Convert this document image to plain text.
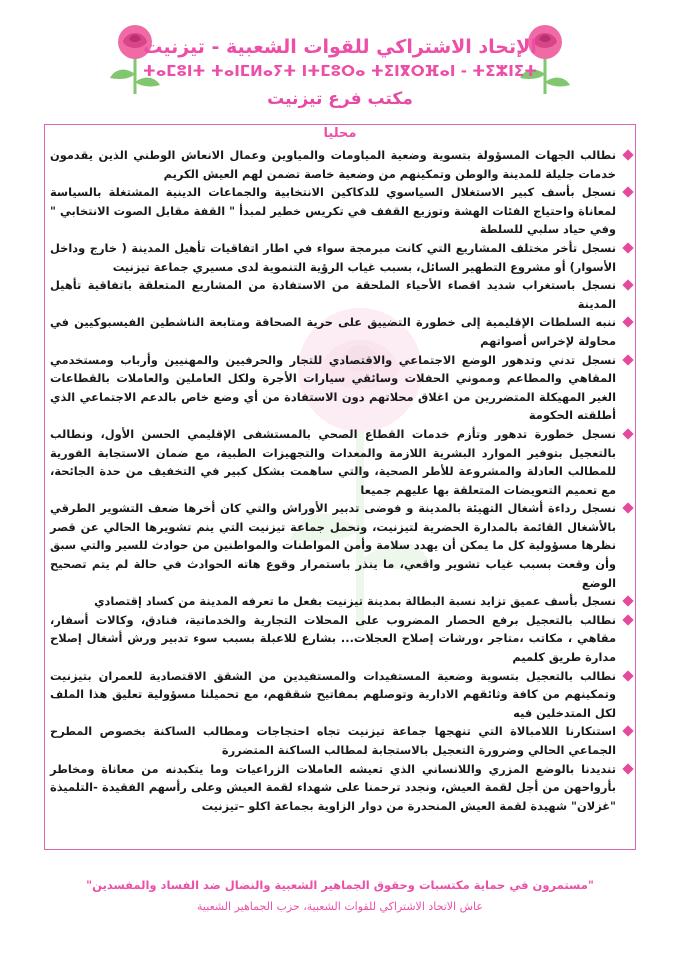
الإتحاد الاشتراكي للقوات الشعبية - تيزنيت
ⵜⴰⵎⵓⵏⵜ ⵜⴰⵏⵎⵍⴰⵢⵜ ⵏⵜⵎⵓⵔⴰ ⵜⵉⵏⴳⵔⴼⴰⵏ - ⵜⵉⵣⵏⵉⵜ
مكتب فرع تيزنيت
محليا
نطالب الجهات المسؤولة بتسوية وضعية المياومات والمياوين وعمال الانعاش الوطني الذين يقدمون خدمات جليلة للمدينة والوطن وتمكينهم من وضعية خاصة تضمن لهم العيش الكريم
نسجل بأسف كبير الاستغلال السياسوي للدكاكين الانتخابية والجماعات الدينية المشتغلة بالسياسة لمعاناة واحتياج الفئات الهشة وتوزيع القفف في تكريس خطير لمبدأ " القفة مقابل الصوت الانتخابي " وفي حياد سلبي للسلطة
نسجل تأخر مختلف المشاريع التي كانت مبرمجة سواء في اطار اتفاقيات تأهيل المدينة ( خارج وداخل الأسوار) أو مشروع التطهير السائل، بسبب غياب الرؤية التنموية لدى مسيري جماعة تيزنيت
نسجل باستغراب شديد اقصاء الأحياء الملحقة من الاستفادة من المشاريع المتعلقة باتفاقية تأهيل المدينة
ننبه السلطات الإقليمية إلى خطورة التضييق على حرية الصحافة ومتابعة الناشطين الفيسبوكيين في محاولة لإخراس أصواتهم
نسجل تدني وتدهور الوضع الاجتماعي والاقتصادي للتجار والحرفيين والمهنيين وأرباب ومستخدمي المقاهي والمطاعم ومموني الحفلات وسائقي سيارات الأجرة ولكل العاملين والعاملات بالقطاعات الغير المهيكلة المتضررين من اغلاق محلاتهم دون الاستفادة من أي وضع خاص بالدعم الاجتماعي الذي أطلقته الحكومة
نسجل خطورة تدهور وتأزم خدمات القطاع الصحي بالمستشفى الإقليمي الحسن الأول، ونطالب بالتعجيل بتوفير الموارد البشرية اللازمة والمعدات والتجهيزات الطبية، مع ضمان الاستجابة الفورية للمطالب العادلة والمشروعة للأطر الصحية، والتي ساهمت بشكل كبير في التخفيف من حدة الجائحة، مع تعميم التعويضات المتعلقة بها عليهم جميعا
نسجل رداءة أشغال التهيئة بالمدينة و فوضى تدبير الأوراش والتي كان أخرها ضعف التشوير الطرقي بالأشغال القائمة بالمدارة الحضرية لتيزنيت، ونحمل جماعة تيزنيت التي ينم تشويرها الحالي عن قصر نظرها مسؤولية كل ما يمكن أن يهدد سلامة وأمن المواطنات والمواطنين من حوادث للسير والتي سبق وأن وقعت بسبب غياب تشوير واقعي، ما ينذر باستمرار وقوع هاته الحوادث في حالة لم يتم تصحيح الوضع
نسجل بأسف عميق تزايد نسبة البطالة بمدينة تيزنيت بفعل ما تعرفه المدينة من كساد إقتصادي
نطالب بالتعجيل برفع الحصار المضروب على المحلات التجارية والخدماتية، فنادق، وكالات أسفار، مقاهي ، مكاتب ،متاجر ،ورشات إصلاح العجلات... بشارع للاعبلة بسبب سوء تدبير ورش أشغال إصلاح مدارة طريق كلميم
نطالب بالتعجيل بتسوية وضعية المستفيدات والمستفيدين من الشقق الاقتصادية للعمران بتيزنيت وتمكينهم من كافة وثائقهم الادارية وتوصلهم بمفاتيح شققهم، مع تحميلنا مسؤولية تعليق هذا الملف لكل المتدخلين فيه
استنكارنا اللامبالاة التي تنهجها جماعة تيزنيت تجاه احتجاجات ومطالب الساكنة بخصوص المطرح الجماعي الحالي وضرورة التعجيل بالاستجابة لمطالب الساكنة المتضررة
تنديدنا بالوضع المزري واللانساني الذي تعيشه العاملات الزراعيات وما يتكبدنه من معاناة ومخاطر بأرواحهن من أجل لقمة العيش، ونجدد ترحمنا على شهداء لقمة العيش وعلى رأسهم الفقيدة -التلميذة "غزلان" شهيدة لقمة العيش المنحدرة من دوار الزاوية بجماعة اكلو –تيزنيت
"مستمرون في حماية مكتسبات وحقوق الجماهير الشعبية والنضال ضد الفساد والمفسدين"
عاش الاتحاد الاشتراكي للقوات الشعبية، حزب الجماهير الشعبية
